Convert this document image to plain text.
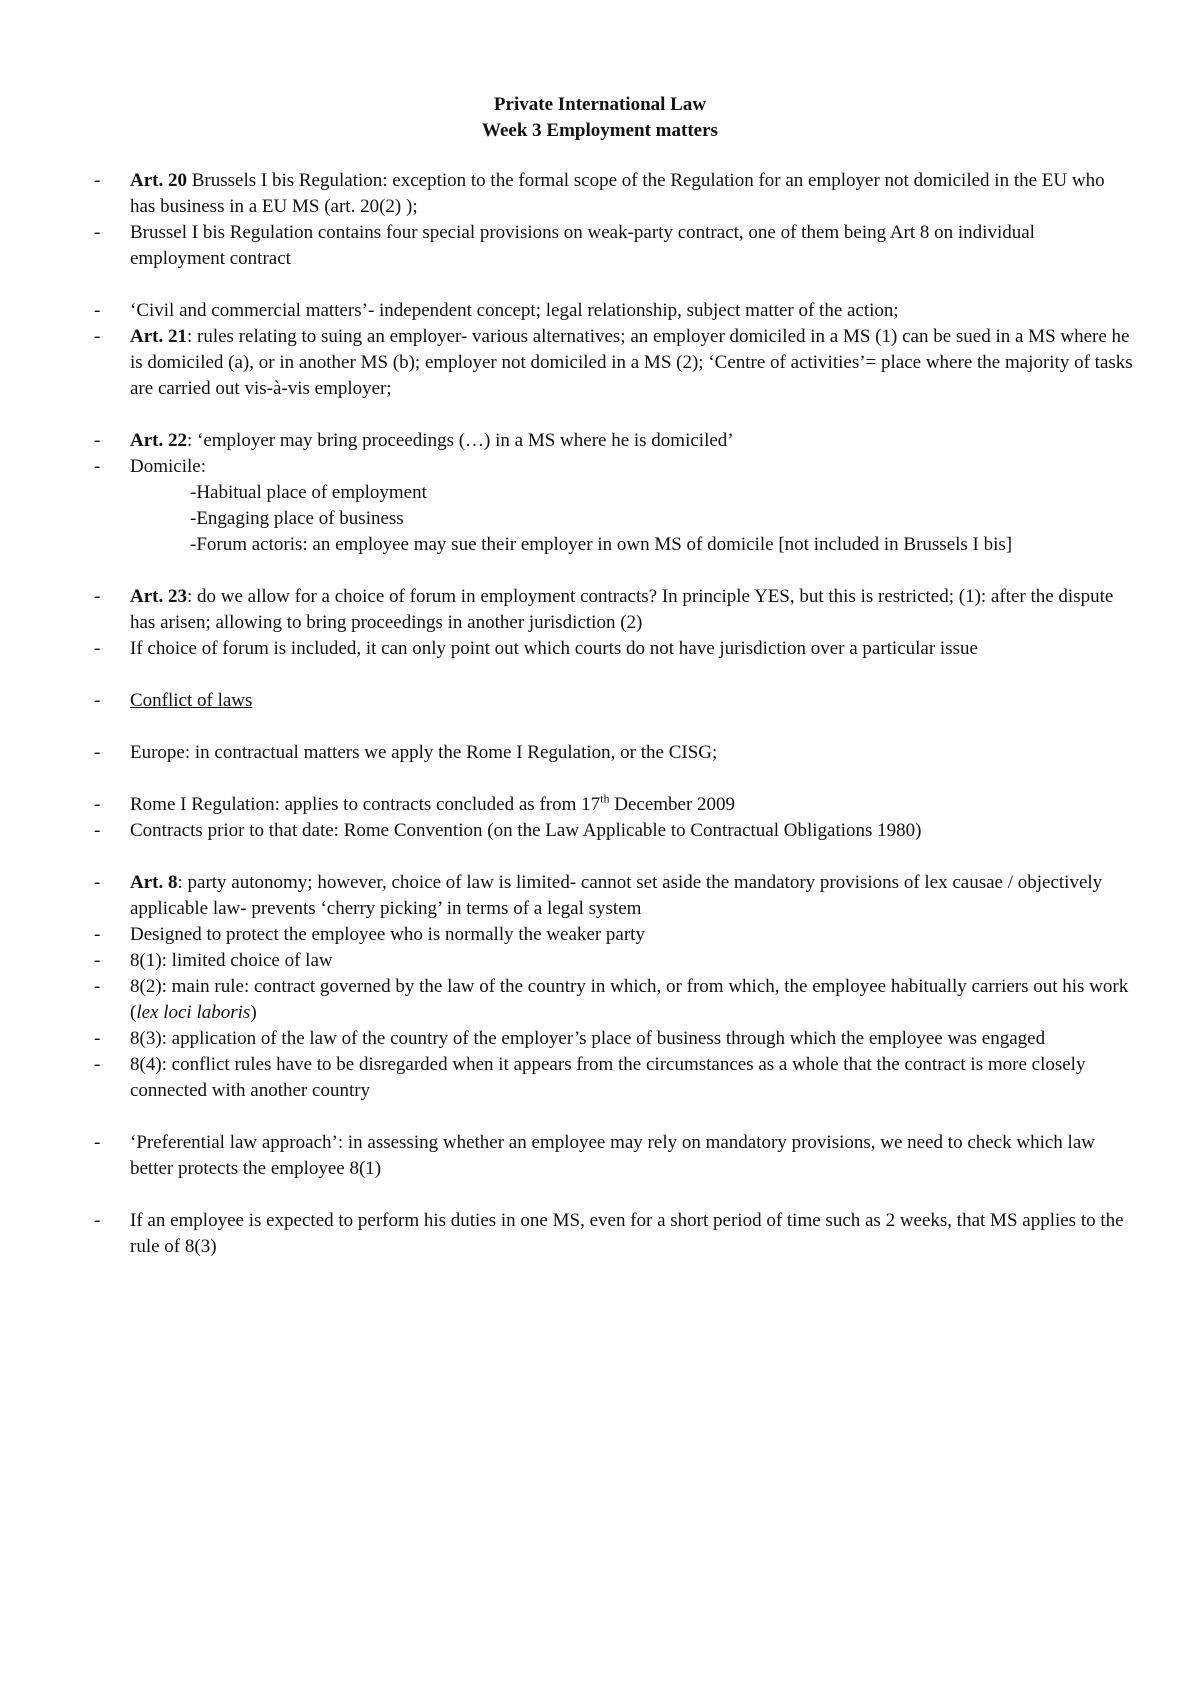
Private International Law
Week 3 Employment matters
- Art. 20 Brussels I bis Regulation: exception to the formal scope of the Regulation for an employer not domiciled in the EU who has business in a EU MS (art. 20(2) );
- Brussel I bis Regulation contains four special provisions on weak-party contract, one of them being Art 8 on individual employment contract
- ‘Civil and commercial matters’- independent concept; legal relationship, subject matter of the action;
- Art. 21: rules relating to suing an employer- various alternatives; an employer domiciled in a MS (1) can be sued in a MS where he is domiciled (a), or in another MS (b); employer not domiciled in a MS (2); ‘Centre of activities’= place where the majority of tasks are carried out vis-à-vis employer;
- Art. 22: ‘employer may bring proceedings (…) in a MS where he is domiciled’
- Domicile:
-Habitual place of employment
-Engaging place of business
-Forum actoris: an employee may sue their employer in own MS of domicile [not included in Brussels I bis]
- Art. 23: do we allow for a choice of forum in employment contracts? In principle YES, but this is restricted; (1): after the dispute has arisen; allowing to bring proceedings in another jurisdiction (2)
- If choice of forum is included, it can only point out which courts do not have jurisdiction over a particular issue
- Conflict of laws
- Europe: in contractual matters we apply the Rome I Regulation, or the CISG;
- Rome I Regulation: applies to contracts concluded as from 17th December 2009
- Contracts prior to that date: Rome Convention (on the Law Applicable to Contractual Obligations 1980)
- Art. 8: party autonomy; however, choice of law is limited- cannot set aside the mandatory provisions of lex causae / objectively applicable law- prevents ‘cherry picking’ in terms of a legal system
- Designed to protect the employee who is normally the weaker party
- 8(1): limited choice of law
- 8(2): main rule: contract governed by the law of the country in which, or from which, the employee habitually carriers out his work (lex loci laboris)
- 8(3): application of the law of the country of the employer’s place of business through which the employee was engaged
- 8(4): conflict rules have to be disregarded when it appears from the circumstances as a whole that the contract is more closely connected with another country
- ‘Preferential law approach’: in assessing whether an employee may rely on mandatory provisions, we need to check which law better protects the employee 8(1)
- If an employee is expected to perform his duties in one MS, even for a short period of time such as 2 weeks, that MS applies to the rule of 8(3)
